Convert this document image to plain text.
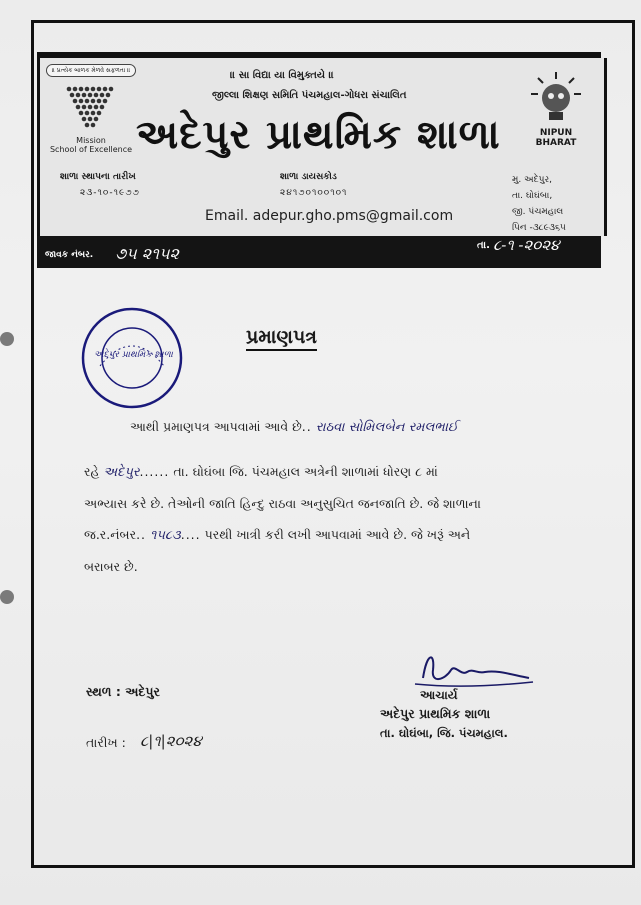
॥ પ્રત્યેક બાળક મેળવે સફળતા ॥
Mission
School of Excellence
॥ સા વિદ્યા યા વિમુક્તયે ॥
જીલ્લા શિક્ષણ સમિતિ પંચમહાલ-ગોધરા સંચાલિત
અદેપુર પ્રાથમિક શાળા	NIPUN
BHARAT
શાળા સ્થાપના તારીખ
૨૩-૧૦-૧૯૭૭
શાળા ડાયસકોડ
૨૪૧૭૦૧૦૦૧૦૧
મુ. અદેપુર,
તા. ઘોઘંબા,
જી. પંચમહાલ
પિન -૩૮૯૩૬૫
Email. adepur.gho.pms@gmail.com
જાવક નંબર. ૭૫ ૨૧૫૨	તા. ૮-૧ -૨૦૨૪
અદેપુર પ્રાથમિક શાળા
પ્રમાણપત્ર
આથી પ્રમાણપત્ર આપવામાં આવે છે.. રાઠવા સોમિલબેન રમલભાઈ
રહે અદેપુર...... તા. ઘોઘંબા જિ. પંચમહાલ અત્રેની શાળામાં ધોરણ ૮ માં
અભ્યાસ કરે છે. તેઓની જાતિ હિન્દુ રાઠવા અનુસુચિત જનજાતિ છે. જે શાળાના
જ.ર.નંબર.. ૧૫૮૩.... પરથી ખાત્રી કરી લખી આપવામાં આવે છે. જે ખરૂં અને
બરાબર છે.
સ્થળ : અદેપુર
તારીખ : ૮|૧|૨૦૨૪
આચાર્ય
અદેપુર પ્રાથમિક શાળા
તા. ઘોઘંબા, જિ. પંચમહાલ.
